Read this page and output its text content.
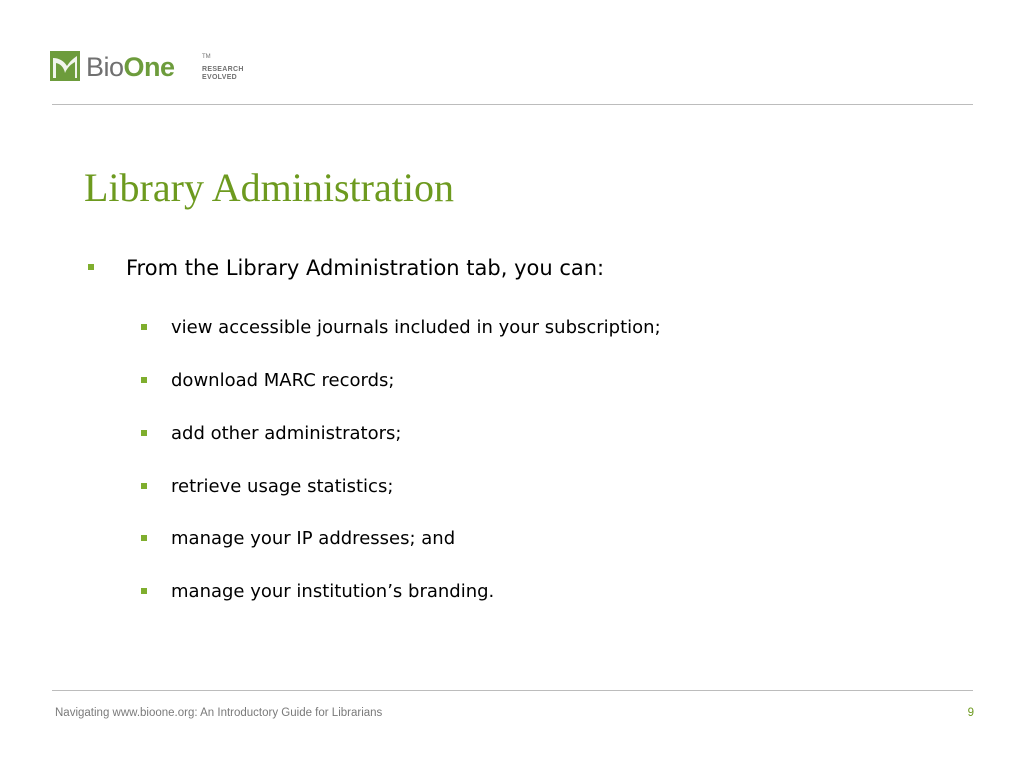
BioOne	TM
RESEARCH
EVOLVED
Library Administration
From the Library Administration tab, you can:
view accessible journals included in your subscription;
download MARC records;
add other administrators;
retrieve usage statistics;
manage your IP addresses; and
manage your institution’s branding.
Navigating www.bioone.org: An Introductory Guide for Librarians	9
